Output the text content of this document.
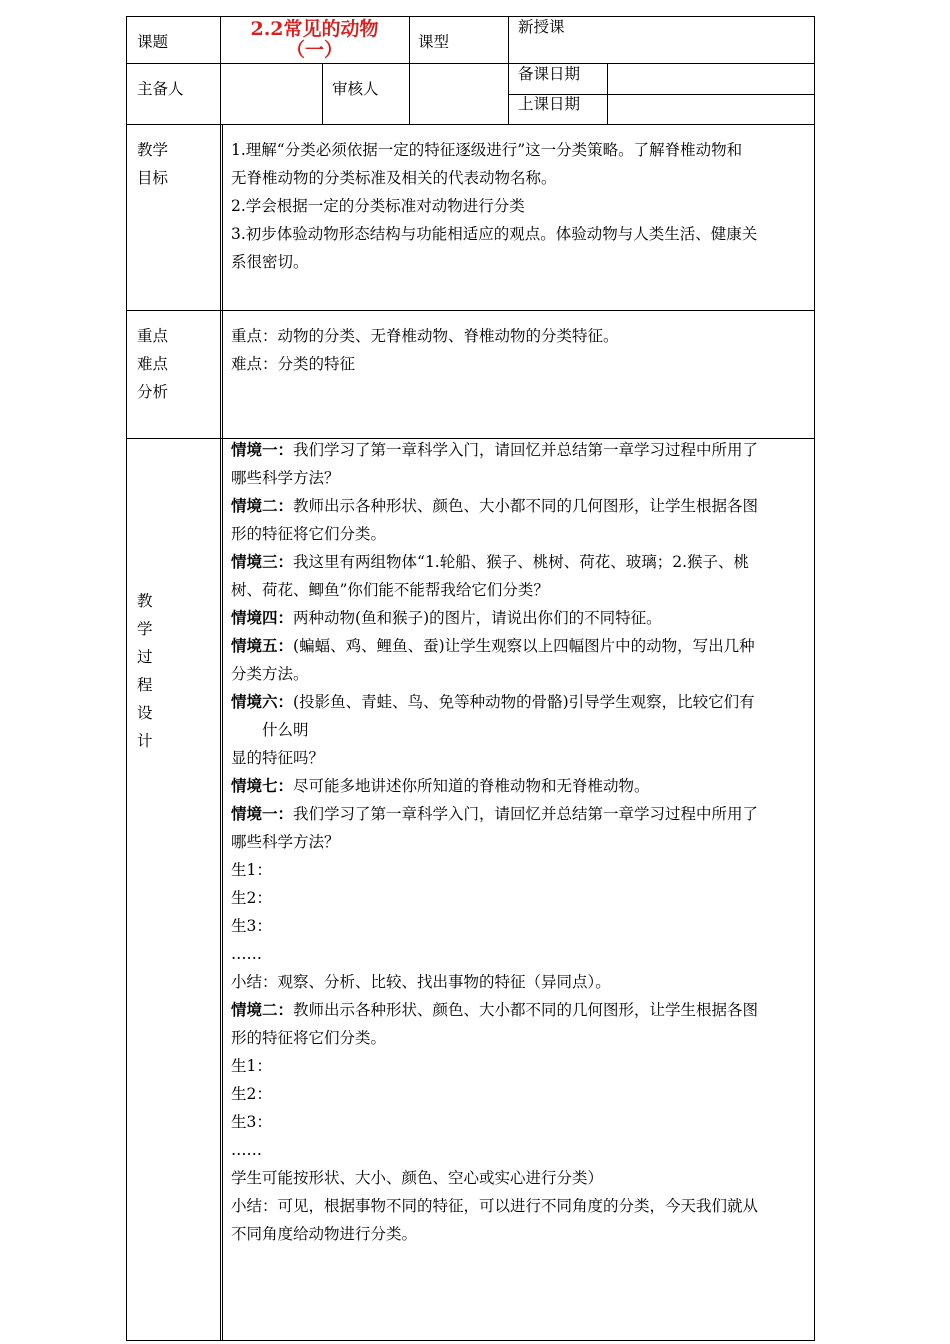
课题
2.2常见的动物
（一）	课型
新授课
主备人	审核人
备课日期
上课日期
教学
目标

1.理解“分类必须依据一定的特征逐级进行”这一分类策略。了解脊椎动物和

无脊椎动物的分类标准及相关的代表动物名称。

2.学会根据一定的分类标准对动物进行分类

3.初步体验动物形态结构与功能相适应的观点。体验动物与人类生活、健康关

系很密切。

重点
难点
分析

重点：动物的分类、无脊椎动物、脊椎动物的分类特征。

难点：分类的特征

教
学
过
程
设
计

情境一：我们学习了第一章科学入门，请回忆并总结第一章学习过程中所用了

哪些科学方法？

情境二：教师出示各种形状、颜色、大小都不同的几何图形，让学生根据各图

形的特征将它们分类。

情境三：我这里有两组物体“1.轮船、猴子、桃树、荷花、玻璃；2.猴子、桃

树、荷花、鲫鱼”你们能不能帮我给它们分类？

情境四：两种动物(鱼和猴子)的图片，请说出你们的不同特征。

情境五：(蝙蝠、鸡、鲤鱼、蚕)让学生观察以上四幅图片中的动物，写出几种

分类方法。

情境六：(投影鱼、青蛙、鸟、免等种动物的骨骼)引导学生观察，比较它们有

　　什么明

显的特征吗？

情境七：尽可能多地讲述你所知道的脊椎动物和无脊椎动物。

情境一：我们学习了第一章科学入门，请回忆并总结第一章学习过程中所用了

哪些科学方法？

生1：

生2：

生3：

……

小结：观察、分析、比较、找出事物的特征（异同点）。

情境二：教师出示各种形状、颜色、大小都不同的几何图形，让学生根据各图

形的特征将它们分类。

生1：

生2：

生3：

……

学生可能按形状、大小、颜色、空心或实心进行分类）

小结：可见，根据事物不同的特征，可以进行不同角度的分类，今天我们就从

不同角度给动物进行分类。
